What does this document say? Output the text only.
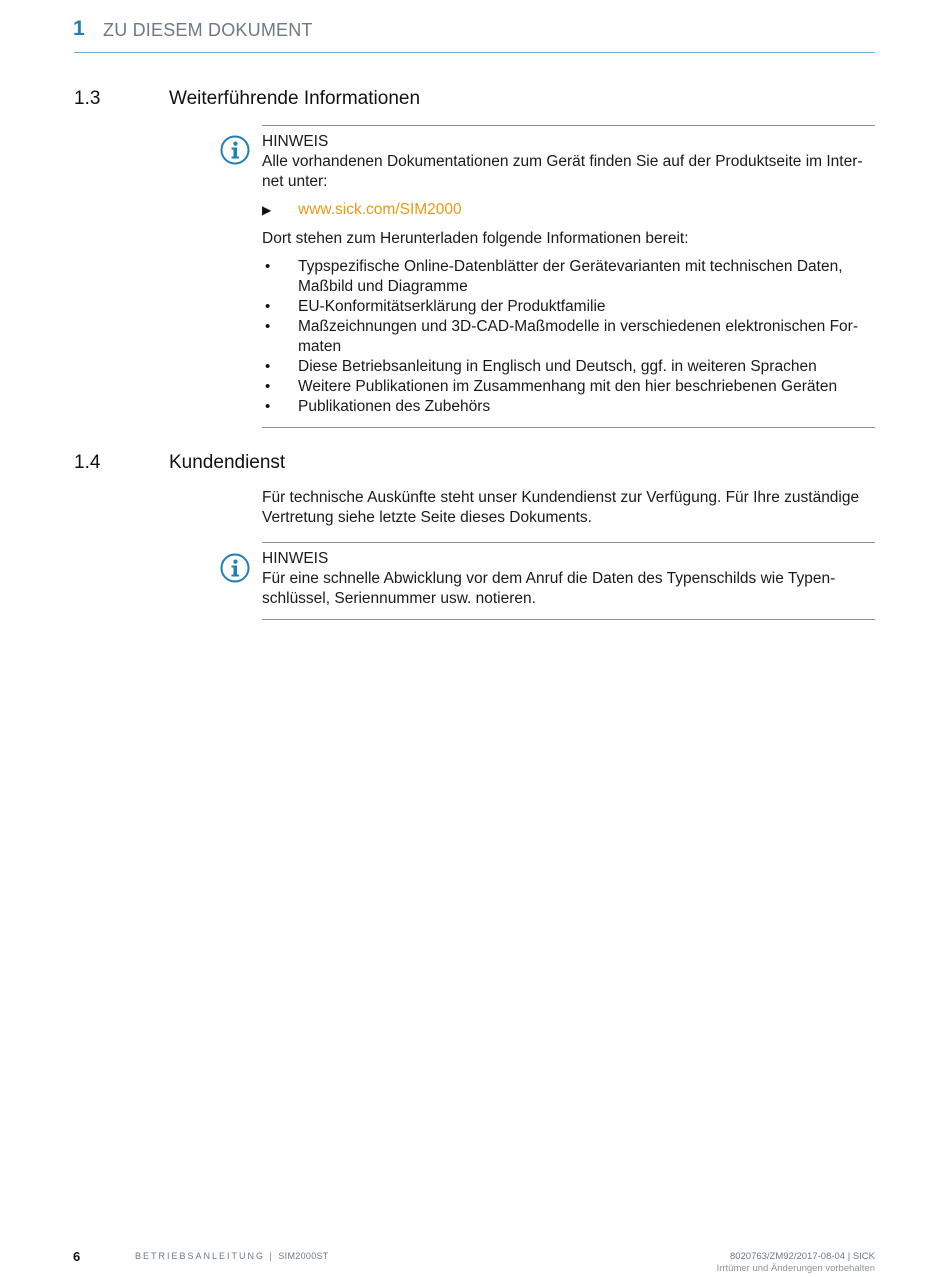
1 ZU DIESEM DOKUMENT
1.3	Weiterführende Informationen
HINWEIS
Alle vorhandenen Dokumentationen zum Gerät finden Sie auf der Produktseite im Inter-
net unter:
▶ www.sick.com/SIM2000
Dort stehen zum Herunterladen folgende Informationen bereit:
• Typspezifische Online-Datenblätter der Gerätevarianten mit technischen Daten,
Maßbild und Diagramme
• EU-Konformitätserklärung der Produktfamilie
• Maßzeichnungen und 3D-CAD-Maßmodelle in verschiedenen elektronischen For-
maten
• Diese Betriebsanleitung in Englisch und Deutsch, ggf. in weiteren Sprachen
• Weitere Publikationen im Zusammenhang mit den hier beschriebenen Geräten
• Publikationen des Zubehörs
1.4	Kundendienst
Für technische Auskünfte steht unser Kundendienst zur Verfügung. Für Ihre zuständige
Vertretung siehe letzte Seite dieses Dokuments.
HINWEIS
Für eine schnelle Abwicklung vor dem Anruf die Daten des Typenschilds wie Typen-
schlüssel, Seriennummer usw. notieren.
6	BETRIEBSANLEITUNG | SIM2000ST	8020763/ZM92/2017-08-04 | SICK
Irrtümer und Änderungen vorbehalten
